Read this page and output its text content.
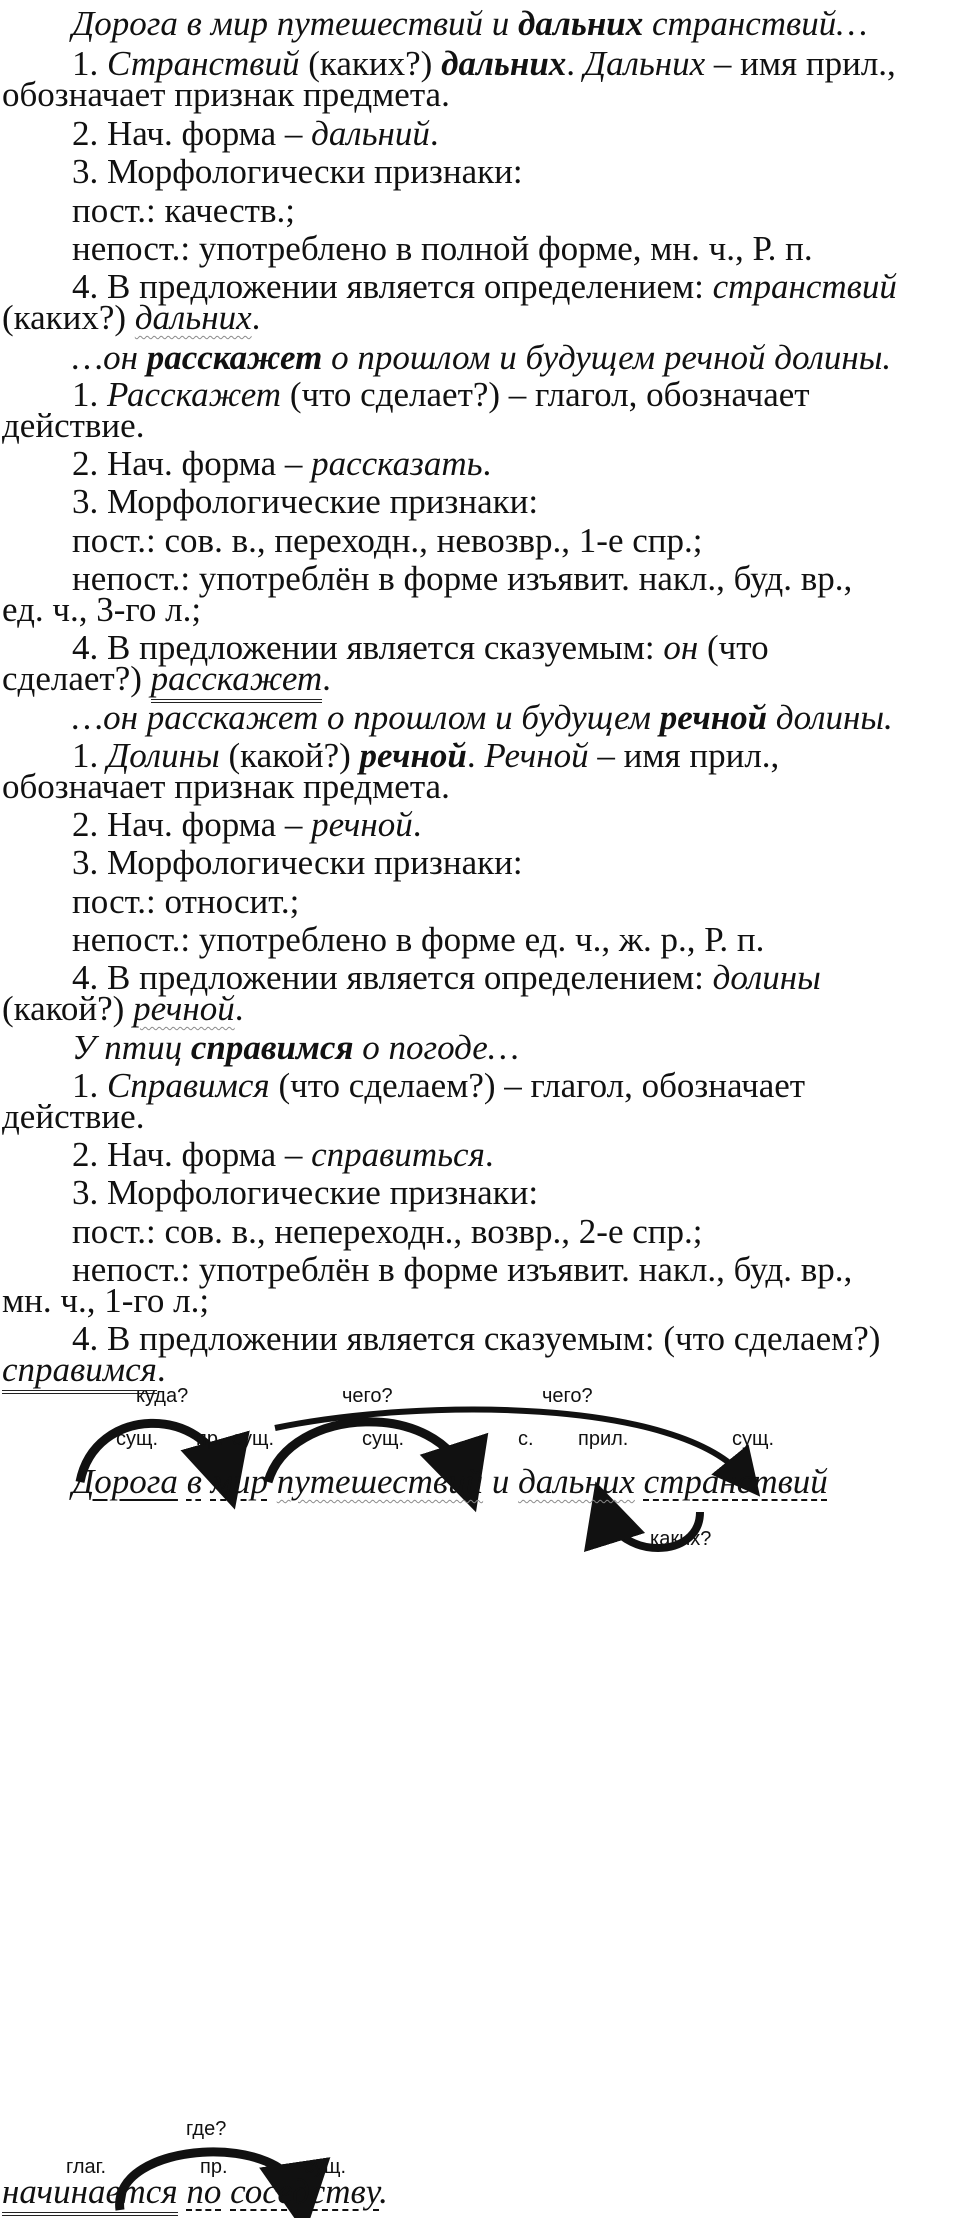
Дорога в мир путешествий и дальних странствий…
1. Странствий (каких?) дальних. Дальних – имя прил.,
обозначает признак предмета.
2. Нач. форма – дальний.
3. Морфологически признаки:
пост.: качеств.;
непост.: употреблено в полной форме, мн. ч., Р. п.
4. В предложении является определением: странствий
(каких?) дальних.
…он расскажет о прошлом и будущем речной долины.
1. Расскажет (что сделает?) – глагол, обозначает
действие.
2. Нач. форма – рассказать.
3. Морфологические признаки:
пост.: сов. в., переходн., невозвр., 1-е спр.;
непост.: употреблён в форме изъявит. накл., буд. вр.,
ед. ч., 3-го л.;
4. В предложении является сказуемым: он (что
сделает?) расскажет.
…он расскажет о прошлом и будущем речной долины.
1. Долины (какой?) речной. Речной – имя прил.,
обозначает признак предмета.
2. Нач. форма – речной.
3. Морфологически признаки:
пост.: относит.;
непост.: употреблено в форме ед. ч., ж. р., Р. п.
4. В предложении является определением: долины
(какой?) речной.
У птиц справимся о погоде…
1. Справимся (что сделаем?) – глагол, обозначает
действие.
2. Нач. форма – справиться.
3. Морфологические признаки:
пост.: сов. в., непереходн., возвр., 2-е спр.;
непост.: употреблён в форме изъявит. накл., буд. вр.,
мн. ч., 1-го л.;
4. В предложении является сказуемым: (что сделаем?)
справимся.
куда?	чего?	чего?
сущ. пр. сущ.	сущ.	с. прил.	сущ.
Дорога в мир путешествий и дальних странствий
каких?
где?
глаг.	пр.	сущ.
начинается по соседству.
